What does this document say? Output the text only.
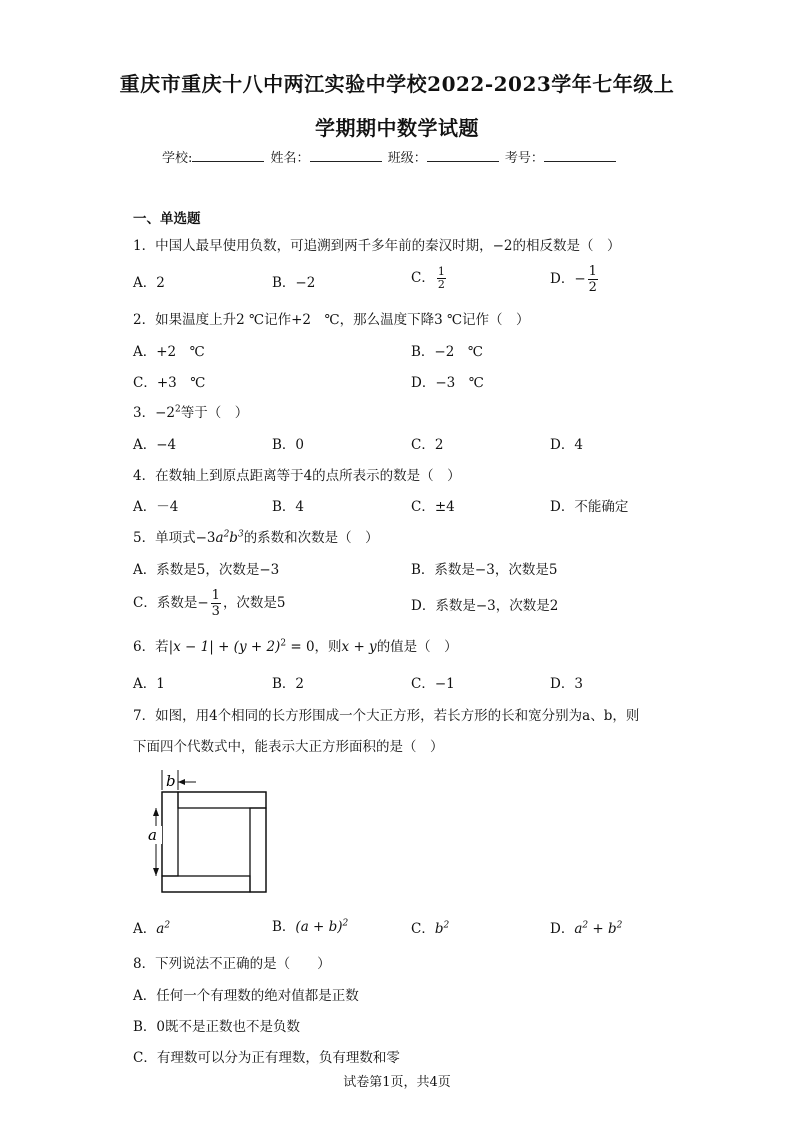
重庆市重庆十八中两江实验中学校2022-2023学年七年级上
学期期中数学试题
学校:	姓名：	班级：	考号：
一、单选题
1．中国人最早使用负数，可追溯到两千多年前的秦汉时期，−2的相反数是（　）
A．2	B．−2	C． $\frac{1}{2}$	D．− $\frac{1}{2}$
2．如果温度上升2 ℃记作+2　℃，那么温度下降3 ℃记作（　）
A．+2　℃	B．−2　℃
C．+3　℃	D．−3　℃
3．$-2^2$等于（　）
A．−4	B．0	C．2	D．4
4．在数轴上到原点距离等于4的点所表示的数是（　）
A．－4	B．4	C．±4	D．不能确定
5．单项式$-3a^2b^3$的系数和次数是（　）
A．系数是5，次数是−3	B．系数是−3，次数是5
C．系数是− $\frac{1}{3}$ ，次数是5	D．系数是−3，次数是2
6．若$|x - 1| + (y + 2)^2 = 0$，则x + y的值是（　）
A．1	B．2	C．−1	D．3
7．如图，用4个相同的长方形围成一个大正方形，若长方形的长和宽分别为a、b，则
下面四个代数式中，能表示大正方形面积的是（　）
b
a
A．$a^2$	B．$(a + b)^2$	C．$b^2$	D．$a^2 + b^2$
8．下列说法不正确的是（　　）
A．任何一个有理数的绝对值都是正数
B．0既不是正数也不是负数
C．有理数可以分为正有理数，负有理数和零
试卷第1页，共4页
